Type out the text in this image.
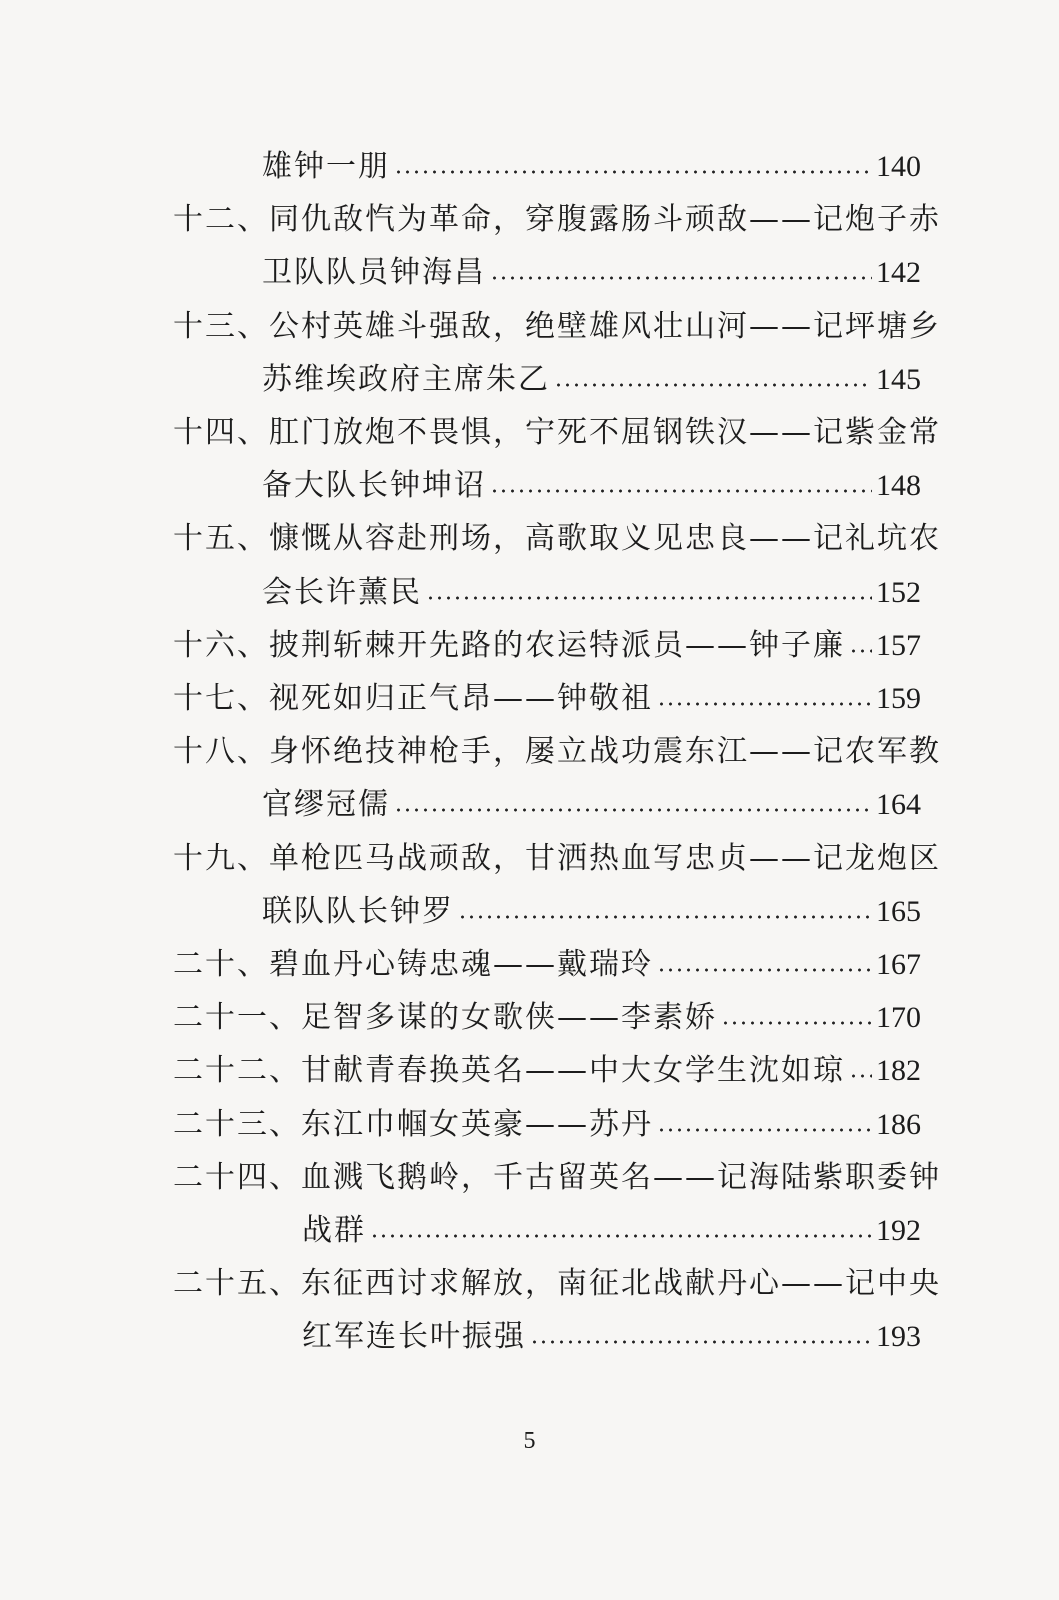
雄钟一朋	140
十二、 同仇敌忾为革命，穿腹露肠斗顽敌——记炮子赤
卫队队员钟海昌	142
十三、 公村英雄斗强敌，绝壁雄风壮山河——记坪塘乡
苏维埃政府主席朱乙	145
十四、 肛门放炮不畏惧，宁死不屈钢铁汉——记紫金常
备大队长钟坤诏	148
十五、 慷慨从容赴刑场，高歌取义见忠良——记礼坑农
会长许薰民	152
十六、 披荆斩棘开先路的农运特派员——钟子廉 157
十七、 视死如归正气昂——钟敬祖	159
十八、 身怀绝技神枪手，屡立战功震东江——记农军教
官缪冠儒	164
十九、 单枪匹马战顽敌，甘洒热血写忠贞——记龙炮区
联队队长钟罗	165
二十、 碧血丹心铸忠魂——戴瑞玲	167
二十一、 足智多谋的女歌侠——李素娇	170
二十二、 甘献青春换英名——中大女学生沈如琼 182
二十三、 东江巾帼女英豪——苏丹	186
二十四、 血溅飞鹅岭，千古留英名——记海陆紫职委钟
战群	192
二十五、 东征西讨求解放，南征北战献丹心——记中央
红军连长叶振强	193
5
